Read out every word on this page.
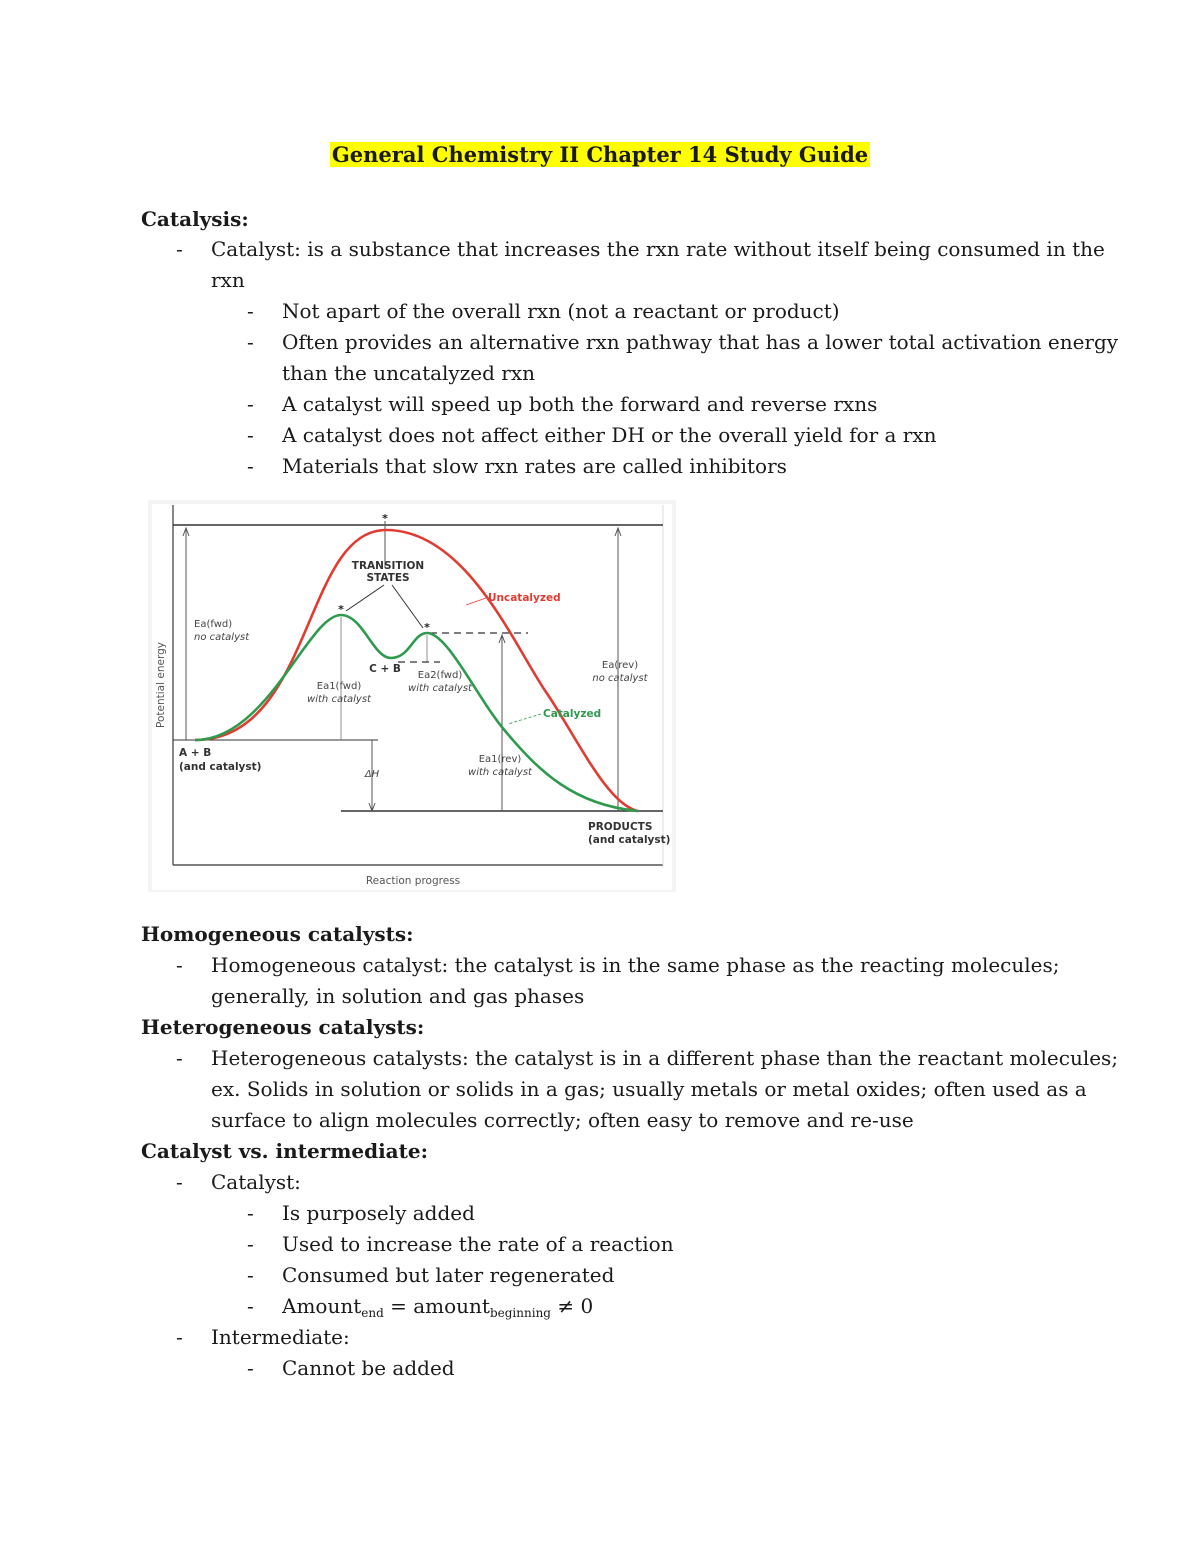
General Chemistry II Chapter 14 Study Guide
Catalysis:
- Catalyst: is a substance that increases the rxn rate without itself being consumed in the
rxn
- Not apart of the overall rxn (not a reactant or product)
- Often provides an alternative rxn pathway that has a lower total activation energy
than the uncatalyzed rxn
- A catalyst will speed up both the forward and reverse rxns
- A catalyst does not affect either DH or the overall yield for a rxn
- Materials that slow rxn rates are called inhibitors
*
*
*
TRANSITION
STATES
Uncatalyzed
Catalyzed
Ea(fwd)
no catalyst
Ea(rev)
no catalyst
Ea1(fwd)
with catalyst
Ea2(fwd)
with catalyst
Ea1(rev)
with catalyst
C + B
A + B
(and catalyst)
PRODUCTS
(and catalyst)
ΔH
Potential energy
Reaction progress
Homogeneous catalysts:
- Homogeneous catalyst: the catalyst is in the same phase as the reacting molecules;
generally, in solution and gas phases
Heterogeneous catalysts:
- Heterogeneous catalysts: the catalyst is in a different phase than the reactant molecules;
ex. Solids in solution or solids in a gas; usually metals or metal oxides; often used as a
surface to align molecules correctly; often easy to remove and re-use
Catalyst vs. intermediate:
- Catalyst:
- Is purposely added
- Used to increase the rate of a reaction
- Consumed but later regenerated
- Amount$_{end}$ = amount$_{beginning}$ ≠ 0
- Intermediate:
- Cannot be added
